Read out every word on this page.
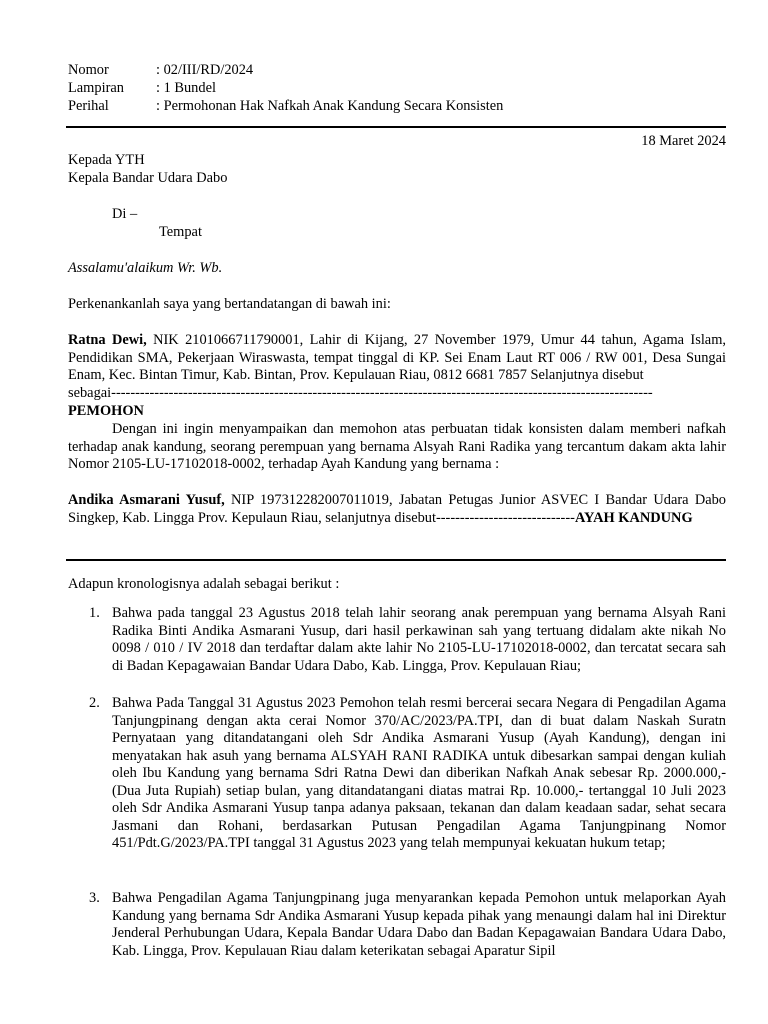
Nomor	: 02/III/RD/2024
Lampiran : 1 Bundel
Perihal	: Permohonan Hak Nafkah Anak Kandung Secara Konsisten
18 Maret 2024
Kepada YTH
Kepala Bandar Udara Dabo
Di –
Tempat
Assalamu'alaikum Wr. Wb.
Perkenankanlah saya yang bertandatangan di bawah ini:
Ratna Dewi, NIK 2101066711790001, Lahir di Kijang, 27 November 1979, Umur 44 tahun, Agama Islam, Pendidikan SMA, Pekerjaan Wiraswasta, tempat tinggal di KP. Sei Enam Laut RT 006 / RW 001, Desa Sungai Enam, Kec. Bintan Timur, Kab. Bintan, Prov. Kepulauan Riau, 0812 6681 7857 Selanjutnya disebut
sebagai-----------------------------------------------------------------------------------------------------------------
PEMOHON
Dengan ini ingin menyampaikan dan memohon atas perbuatan tidak konsisten dalam memberi nafkah terhadap anak kandung, seorang perempuan yang bernama Alsyah Rani Radika yang tercantum dakam akta lahir Nomor 2105-LU-17102018-0002, terhadap Ayah Kandung yang bernama :
Andika Asmarani Yusuf, NIP 197312282007011019, Jabatan Petugas Junior ASVEC I Bandar Udara Dabo Singkep, Kab. Lingga Prov. Kepulaun Riau, selanjutnya disebut-----------------------------AYAH KANDUNG
Adapun kronologisnya adalah sebagai berikut :
1. Bahwa pada tanggal 23 Agustus 2018 telah lahir seorang anak perempuan yang bernama Alsyah Rani Radika Binti Andika Asmarani Yusup, dari hasil perkawinan sah yang tertuang didalam akte nikah No 0098 / 010 / IV 2018 dan terdaftar dalam akte lahir No 2105-LU-17102018-0002, dan tercatat secara sah di Badan Kepagawaian Bandar Udara Dabo, Kab. Lingga, Prov. Kepulauan Riau;
2. Bahwa Pada Tanggal 31 Agustus 2023 Pemohon telah resmi bercerai secara Negara di Pengadilan Agama Tanjungpinang dengan akta cerai Nomor 370/AC/2023/PA.TPI, dan di buat dalam Naskah Suratn Pernyataan yang ditandatangani oleh Sdr Andika Asmarani Yusup (Ayah Kandung), dengan ini menyatakan hak asuh yang bernama ALSYAH RANI RADIKA untuk dibesarkan sampai dengan kuliah oleh Ibu Kandung yang bernama Sdri Ratna Dewi dan diberikan Nafkah Anak sebesar Rp. 2000.000,- (Dua Juta Rupiah) setiap bulan, yang ditandatangani diatas matrai Rp. 10.000,- tertanggal 10 Juli 2023 oleh Sdr Andika Asmarani Yusup tanpa adanya paksaan, tekanan dan dalam keadaan sadar, sehat secara Jasmani dan Rohani, berdasarkan Putusan Pengadilan Agama Tanjungpinang Nomor 451/Pdt.G/2023/PA.TPI tanggal 31 Agustus 2023 yang telah mempunyai kekuatan hukum tetap;
3. Bahwa Pengadilan Agama Tanjungpinang juga menyarankan kepada Pemohon untuk melaporkan Ayah Kandung yang bernama Sdr Andika Asmarani Yusup kepada pihak yang menaungi dalam hal ini Direktur Jenderal Perhubungan Udara, Kepala Bandar Udara Dabo dan Badan Kepagawaian Bandara Udara Dabo, Kab. Lingga, Prov. Kepulauan Riau dalam keterikatan sebagai Aparatur Sipil
